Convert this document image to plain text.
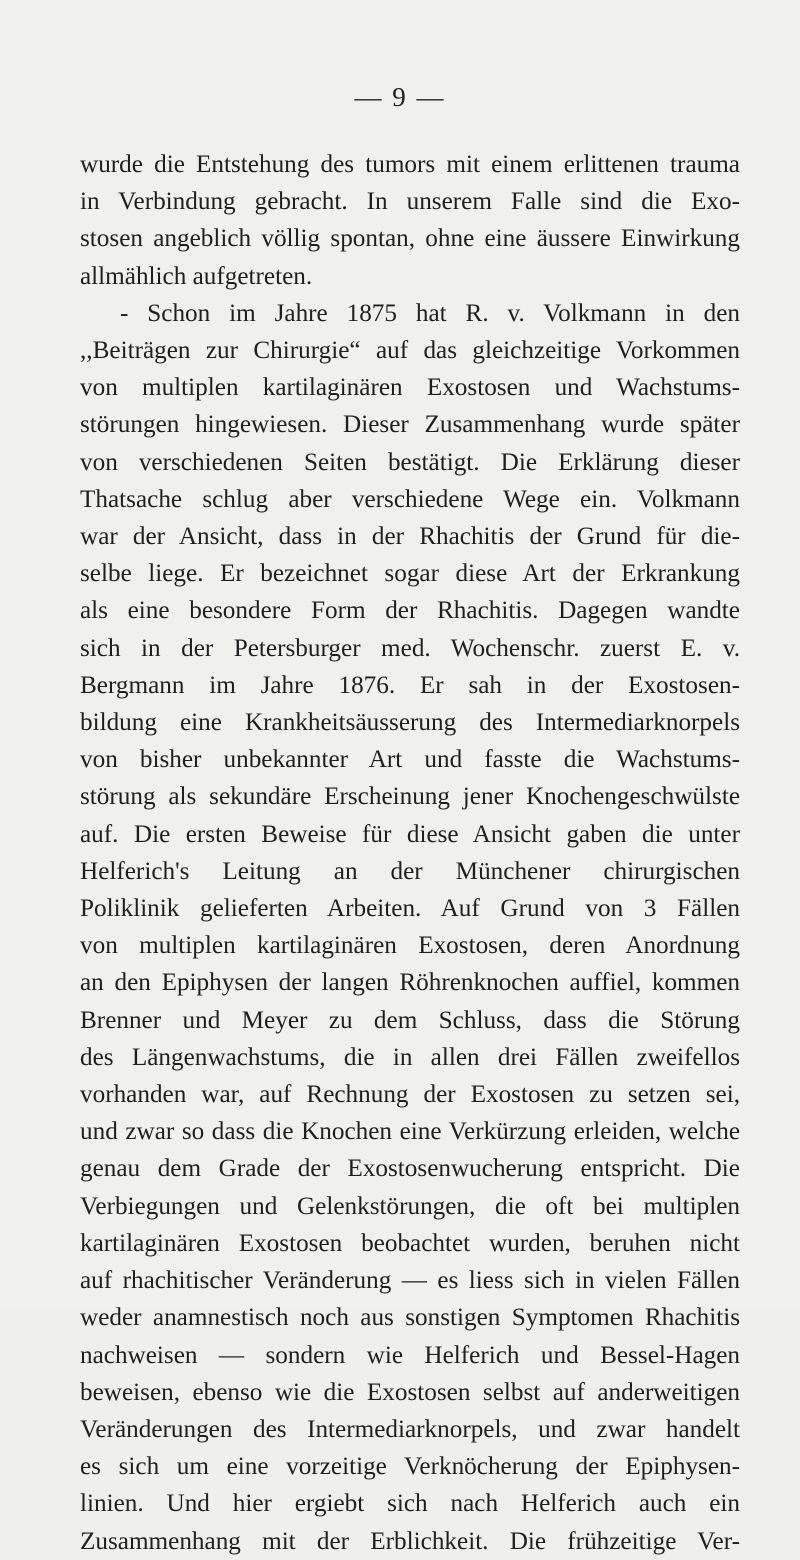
— 9 —
wurde die Entstehung des tumors mit einem erlittenen trauma
in Verbindung gebracht. In unserem Falle sind die Exo-
stosen angeblich völlig spontan, ohne eine äussere Einwirkung
allmählich aufgetreten.
- Schon im Jahre 1875 hat R. v. Volkmann in den
,,Beiträgen zur Chirurgie“ auf das gleichzeitige Vorkommen
von multiplen kartilaginären Exostosen und Wachstums-
störungen hingewiesen. Dieser Zusammenhang wurde später
von verschiedenen Seiten bestätigt. Die Erklärung dieser
Thatsache schlug aber verschiedene Wege ein. Volkmann
war der Ansicht, dass in der Rhachitis der Grund für die-
selbe liege. Er bezeichnet sogar diese Art der Erkrankung
als eine besondere Form der Rhachitis. Dagegen wandte
sich in der Petersburger med. Wochenschr. zuerst E. v.
Bergmann im Jahre 1876. Er sah in der Exostosen-
bildung eine Krankheitsäusserung des Intermediarknorpels
von bisher unbekannter Art und fasste die Wachstums-
störung als sekundäre Erscheinung jener Knochengeschwülste
auf. Die ersten Beweise für diese Ansicht gaben die unter
Helferich's Leitung an der Münchener chirurgischen
Poliklinik gelieferten Arbeiten. Auf Grund von 3 Fällen
von multiplen kartilaginären Exostosen, deren Anordnung
an den Epiphysen der langen Röhrenknochen auffiel, kommen
Brenner und Meyer zu dem Schluss, dass die Störung
des Längenwachstums, die in allen drei Fällen zweifellos
vorhanden war, auf Rechnung der Exostosen zu setzen sei,
und zwar so dass die Knochen eine Verkürzung erleiden, welche
genau dem Grade der Exostosenwucherung entspricht. Die
Verbiegungen und Gelenkstörungen, die oft bei multiplen
kartilaginären Exostosen beobachtet wurden, beruhen nicht
auf rhachitischer Veränderung — es liess sich in vielen Fällen
weder anamnestisch noch aus sonstigen Symptomen Rhachitis
nachweisen — sondern wie Helferich und Bessel-Hagen
beweisen, ebenso wie die Exostosen selbst auf anderweitigen
Veränderungen des Intermediarknorpels, und zwar handelt
es sich um eine vorzeitige Verknöcherung der Epiphysen-
linien. Und hier ergiebt sich nach Helferich auch ein
Zusammenhang mit der Erblichkeit. Die frühzeitige Ver-
